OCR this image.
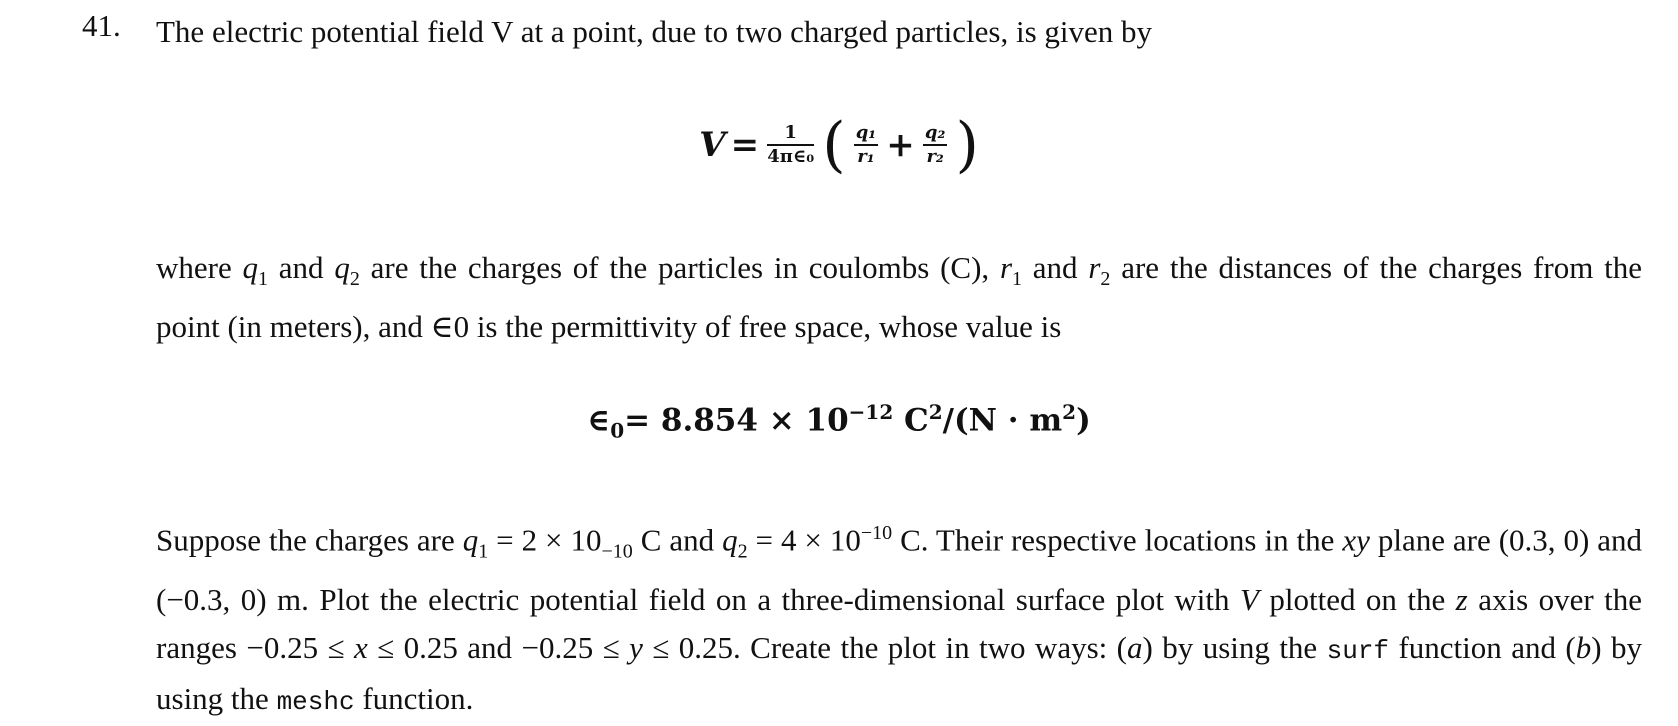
41. The electric potential field V at a point, due to two charged particles, is given by
$V = \frac{1}{\text{4π∈₀}}$ ( $\frac{\text{q₁}}{\text{r₁}} + \frac{\text{q₂}}{\text{r₂}}$ )
where $q_1$ and $q_2$ are the charges of the particles in coulombs (C), $r_1$ and $r_2$ are the distances of the charges from the point (in meters), and ∈0 is the permittivity of free space, whose value is
$\in_0= 8.854 \times 10^{-12}$ $C^2/(N \cdot m^2)$
Suppose the charges are $q_1 = 2 \times 10_{-10}$ C and $q_2 = 4 \times 10^{-10}$ C. Their respective locations in the xy plane are (0.3, 0) and (−0.3, 0) m. Plot the electric potential field on a three-dimensional surface plot with V plotted on the z axis over the ranges −0.25 ≤ x ≤ 0.25 and −0.25 ≤ y ≤ 0.25. Create the plot in two ways: (a) by using the surf function and (b) by using the meshc function.
